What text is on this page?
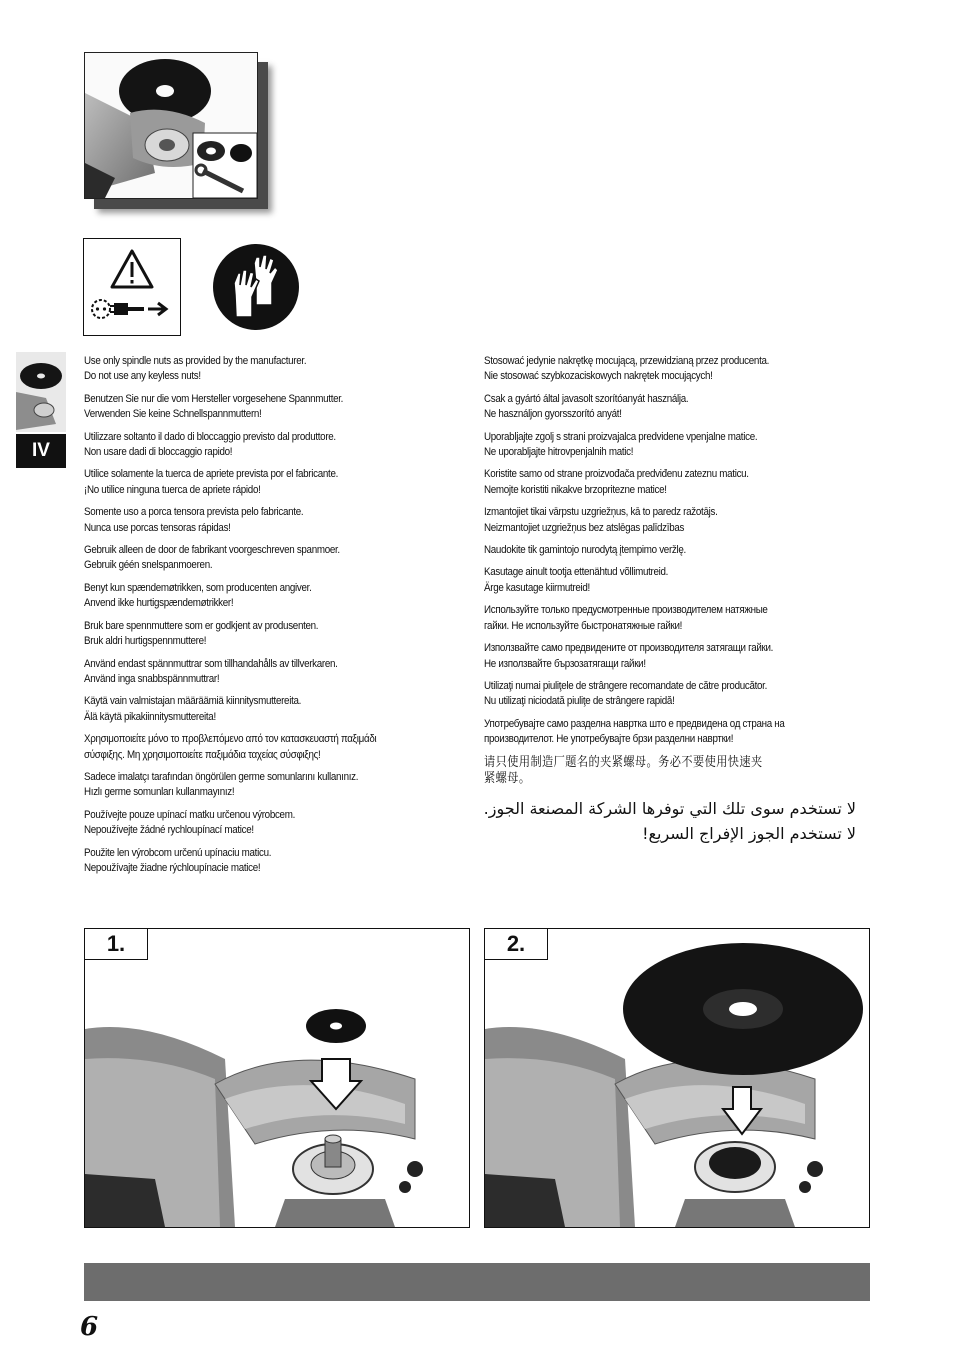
IV
Use only spindle nuts as provided by the manufacturer.
Do not use any keyless nuts!
Benutzen Sie nur die vom Hersteller vorgesehene Spannmutter.
Verwenden Sie keine Schnellspannmuttern!
Utilizzare soltanto il dado di bloccaggio previsto dal produttore.
Non usare dadi di bloccaggio rapido!
Utilice solamente la tuerca de apriete prevista por el fabricante.
¡No utilice ninguna tuerca de apriete rápido!
Somente uso a porca tensora prevista pelo fabricante.
Nunca use porcas tensoras rápidas!
Gebruik alleen de door de fabrikant voorgeschreven spanmoer.
Gebruik géén snelspanmoeren.
Benyt kun spændemøtrikken, som producenten angiver.
Anvend ikke hurtigspændemøtrikker!
Bruk bare spennmuttere som er godkjent av produsenten.
Bruk aldri hurtigspennmuttere!
Använd endast spännmuttrar som tillhandahålls av tillverkaren.
Använd inga snabbspännmuttrar!
Käytä vain valmistajan määräämiä kiinnitysmuttereita.
Älä käytä pikakiinnitysmuttereita!
Χρησιμοποιείτε μόνο το προβλεπόμενο από τον κατασκευαστή παξιμάδι
σύσφιξης. Μη χρησιμοποιείτε παξιμάδια ταχείας σύσφιξης!
Sadece imalatçı tarafından öngörülen germe somunlarını kullanınız.
Hızlı germe somunları kullanmayınız!
Používejte pouze upínací matku určenou výrobcem.
Nepoužívejte žádné rychloupínací matice!
Použite len výrobcom určenú upínaciu maticu.
Nepoužívajte žiadne rýchloupínacie matice!
Stosować jedynie nakrętkę mocującą, przewidzianą przez producenta.
Nie stosować szybkozaciskowych nakrętek mocujących!
Csak a gyártó által javasolt szorítóanyát használja.
Ne használjon gyorsszorító anyát!
Uporabljajte zgolj s strani proizvajalca predvidene vpenjalne matice.
Ne uporabljajte hitrovpenjalnih matic!
Koristite samo od strane proizvođača predviđenu zateznu maticu.
Nemojte koristiti nikakve brzopritezne matice!
Izmantojiet tikai vārpstu uzgriežņus, kā to paredz ražotājs.
Neizmantojiet uzgriežņus bez atslēgas palīdzības
Naudokite tik gamintojo nurodytą įtempimo veržlę.
Kasutage ainult tootja ettenähtud võllimutreid.
Ärge kasutage kiirmutreid!
Используйте только предусмотренные производителем натяжные
гайки. Не используйте быстронатяжные гайки!
Използвайте само предвидените от производителя затягащи гайки.
Не използвайте бързозатягащи гайки!
Utilizaţi numai piuliţele de strângere recomandate de către producător.
Nu utilizaţi niciodată piuliţe de strângere rapidă!
Употребувајте само разделна навртка што е предвидена од страна на
производителот. Не употребувајте брзи разделни навртки!
请只使用制造厂题名的夹紧螺母。务必不要使用快速夹
紧螺母。
لا تستخدم سوى تلك التي توفرها الشركة المصنعة الجوز.
لا تستخدم الجوز الإفراج السريع!
1.	2.
6
